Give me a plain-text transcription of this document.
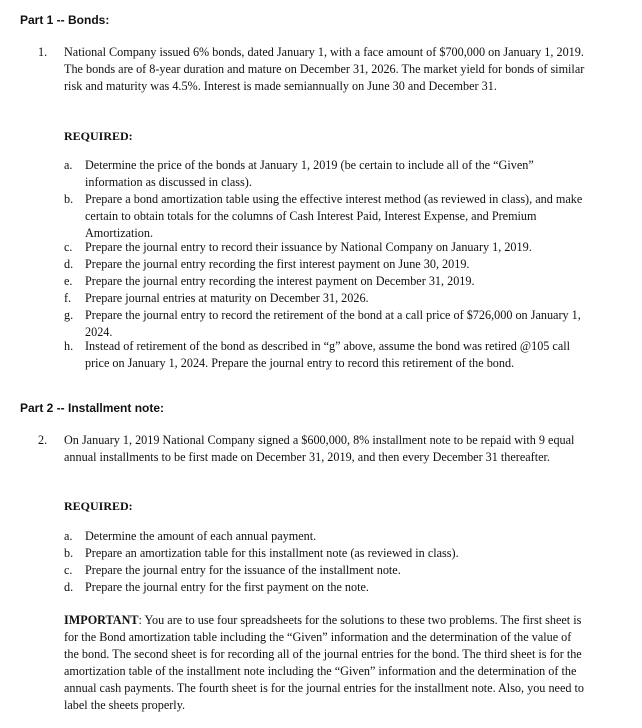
Part 1 -- Bonds:
1. National Company issued 6% bonds, dated January 1, with a face amount of $700,000 on January 1, 2019. The bonds are of 8-year duration and mature on December 31, 2026. The market yield for bonds of similar risk and maturity was 4.5%. Interest is made semiannually on June 30 and December 31.
REQUIRED:
a. Determine the price of the bonds at January 1, 2019 (be certain to include all of the “Given” information as discussed in class).
b. Prepare a bond amortization table using the effective interest method (as reviewed in class), and make certain to obtain totals for the columns of Cash Interest Paid, Interest Expense, and Premium Amortization.
c. Prepare the journal entry to record their issuance by National Company on January 1, 2019.
d. Prepare the journal entry recording the first interest payment on June 30, 2019.
e. Prepare the journal entry recording the interest payment on December 31, 2019.
f. Prepare journal entries at maturity on December 31, 2026.
g. Prepare the journal entry to record the retirement of the bond at a call price of $726,000 on January 1, 2024.
h. Instead of retirement of the bond as described in “g” above, assume the bond was retired @105 call price on January 1, 2024. Prepare the journal entry to record this retirement of the bond.
Part 2 -- Installment note:
2. On January 1, 2019 National Company signed a $600,000, 8% installment note to be repaid with 9 equal annual installments to be first made on December 31, 2019, and then every December 31 thereafter.
REQUIRED:
a. Determine the amount of each annual payment.
b. Prepare an amortization table for this installment note (as reviewed in class).
c. Prepare the journal entry for the issuance of the installment note.
d. Prepare the journal entry for the first payment on the note.
IMPORTANT: You are to use four spreadsheets for the solutions to these two problems. The first sheet is for the Bond amortization table including the “Given” information and the determination of the value of the bond. The second sheet is for recording all of the journal entries for the bond. The third sheet is for the amortization table of the installment note including the “Given” information and the determination of the annual cash payments. The fourth sheet is for the journal entries for the installment note. Also, you need to label the sheets properly.
